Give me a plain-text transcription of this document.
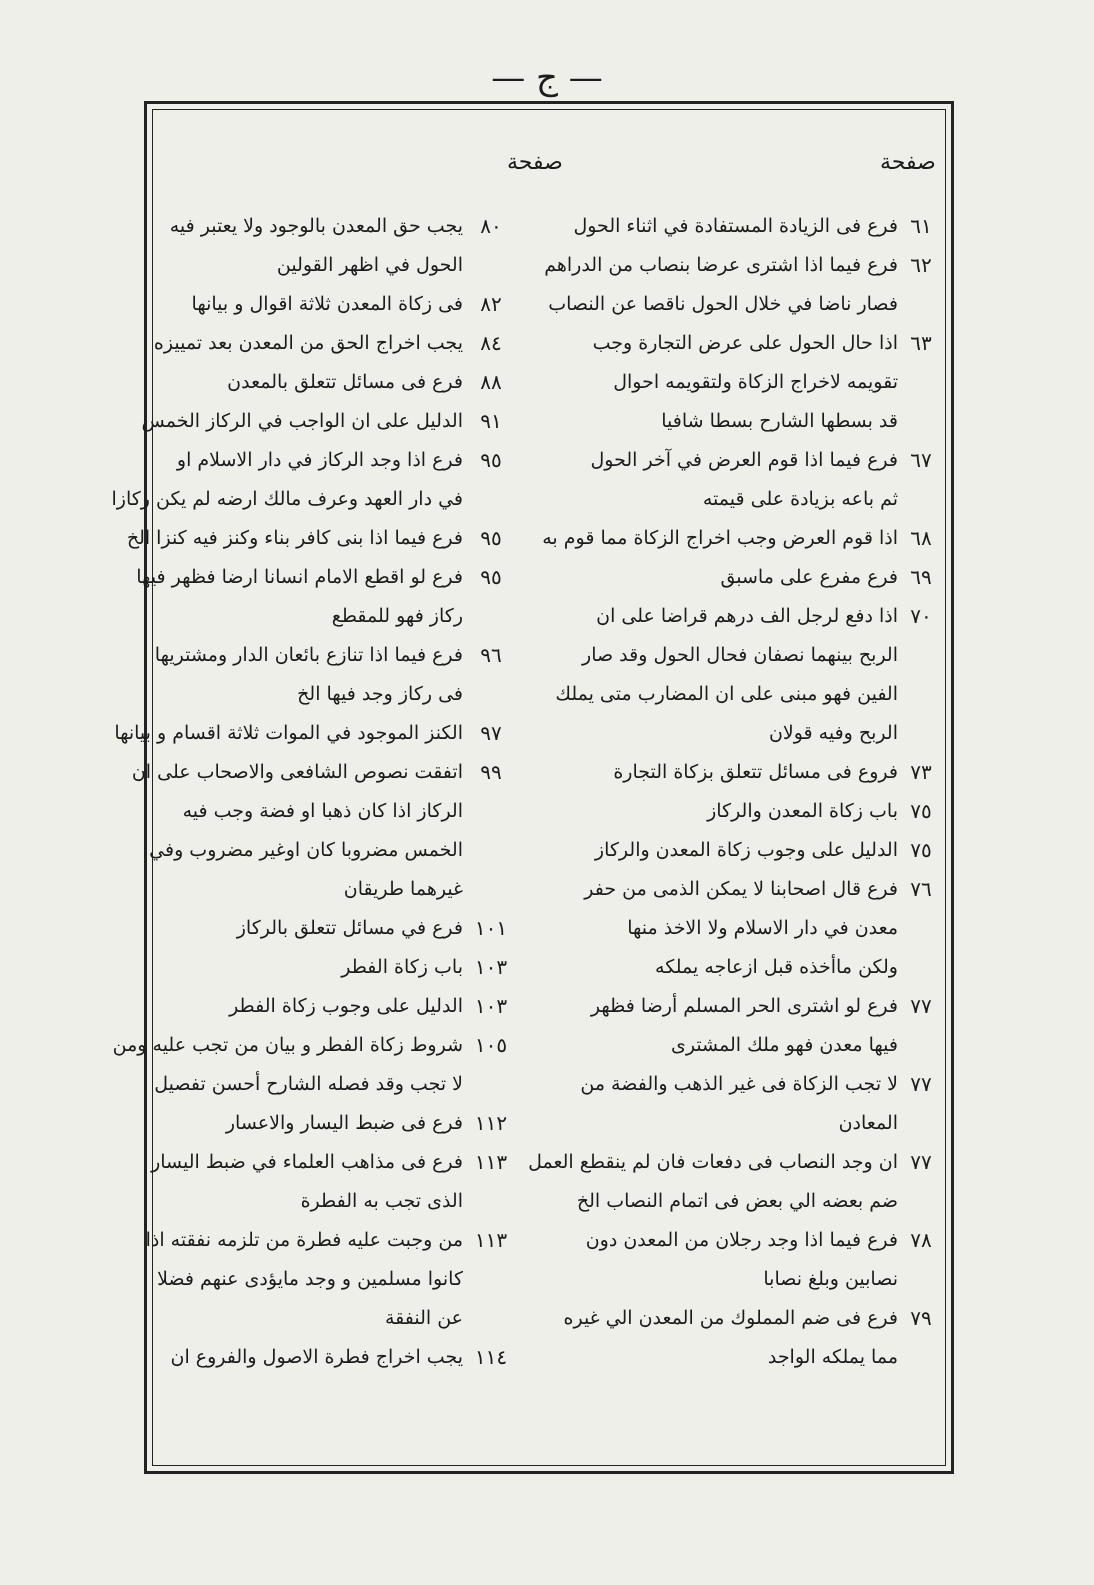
— ج —
صفحة
صفحة
٦١
فرع فى الزيادة المستفادة في اثناء الحول
٦٢
فرع فيما اذا اشترى عرضا بنصاب من الدراهم
فصار ناضا في خلال الحول ناقصا عن النصاب
٦٣
اذا حال الحول على عرض التجارة وجب
تقويمه لاخراج الزكاة ولتقويمه احوال
قد بسطها الشارح بسطا شافيا
٦٧
فرع فيما اذا قوم العرض في آخر الحول
ثم باعه بزيادة على قيمته
٦٨
اذا قوم العرض وجب اخراج الزكاة مما قوم به
٦٩
فرع مفرع على ماسبق
٧٠
اذا دفع لرجل الف درهم قراضا على ان
الربح بينهما نصفان فحال الحول وقد صار
الفين فهو مبنى على ان المضارب متى يملك
الربح وفيه قولان
٧٣
فروع فى مسائل تتعلق بزكاة التجارة
٧٥
باب زكاة المعدن والركاز
٧٥
الدليل على وجوب زكاة المعدن والركاز
٧٦
فرع قال اصحابنا لا يمكن الذمى من حفر
معدن في دار الاسلام ولا الاخذ منها
ولكن ماأخذه قبل ازعاجه يملكه
٧٧
فرع لو اشترى الحر المسلم أرضا فظهر
فيها معدن فهو ملك المشترى
٧٧
لا تجب الزكاة فى غير الذهب والفضة من
المعادن
٧٧
ان وجد النصاب فى دفعات فان لم ينقطع العمل
ضم بعضه الي بعض فى اتمام النصاب الخ
٧٨
فرع فيما اذا وجد رجلان من المعدن دون
نصابين وبلغ نصابا
٧٩
فرع فى ضم المملوك من المعدن الي غيره
مما يملكه الواجد
٨٠
يجب حق المعدن بالوجود ولا يعتبر فيه
الحول في اظهر القولين
٨٢
فى زكاة المعدن ثلاثة اقوال و بيانها
٨٤
يجب اخراج الحق من المعدن بعد تمييزه
٨٨
فرع فى مسائل تتعلق بالمعدن
٩١
الدليل على ان الواجب في الركاز الخمس
٩٥
فرع اذا وجد الركاز في دار الاسلام او
في دار العهد وعرف مالك ارضه لم يكن ركازا
٩٥
فرع فيما اذا بنى كافر بناء وكنز فيه كنزا الخ
٩٥
فرع لو اقطع الامام انسانا ارضا فظهر فيها
ركاز فهو للمقطع
٩٦
فرع فيما اذا تنازع بائعان الدار ومشتريها
فى ركاز وجد فيها الخ
٩٧
الكنز الموجود في الموات ثلاثة اقسام و بيانها
٩٩
اتفقت نصوص الشافعى والاصحاب على ان
الركاز اذا كان ذهبا او فضة وجب فيه
الخمس مضروبا كان اوغير مضروب وفي
غيرهما طريقان
١٠١
فرع في مسائل تتعلق بالركاز
١٠٣
باب زكاة الفطر
١٠٣
الدليل على وجوب زكاة الفطر
١٠٥
شروط زكاة الفطر و بيان من تجب عليه ومن
لا تجب وقد فصله الشارح أحسن تفصيل
١١٢
فرع فى ضبط اليسار والاعسار
١١٣
فرع فى مذاهب العلماء في ضبط اليسار
الذى تجب به الفطرة
١١٣
من وجبت عليه فطرة من تلزمه نفقته اذا
كانوا مسلمين و وجد مايؤدى عنهم فضلا
عن النفقة
١١٤
يجب اخراج فطرة الاصول والفروع ان
